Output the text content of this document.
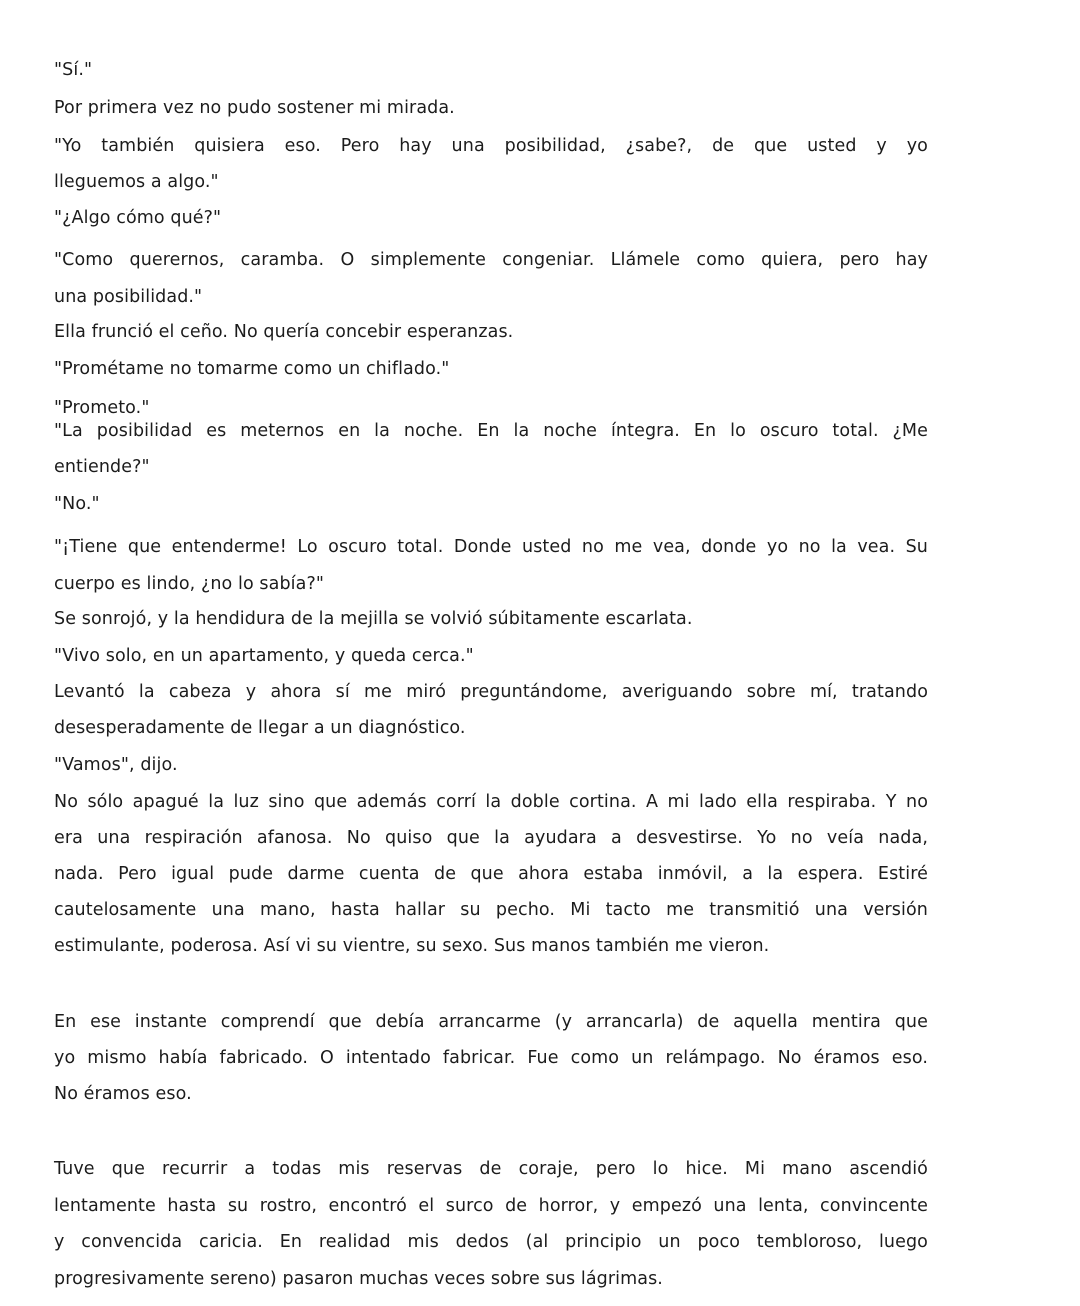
"Sí."
Por primera vez no pudo sostener mi mirada.
"Yo también quisiera eso. Pero hay una posibilidad, ¿sabe?, de que usted y yo
lleguemos a algo."
"¿Algo cómo qué?"
"Como querernos, caramba. O simplemente congeniar. Llámele como quiera, pero hay
una posibilidad."
Ella frunció el ceño. No quería concebir esperanzas.
"Prométame no tomarme como un chiflado."
"Prometo."
"La posibilidad es meternos en la noche. En la noche íntegra. En lo oscuro total. ¿Me
entiende?"
"No."
"¡Tiene que entenderme! Lo oscuro total. Donde usted no me vea, donde yo no la vea. Su
cuerpo es lindo, ¿no lo sabía?"
Se sonrojó, y la hendidura de la mejilla se volvió súbitamente escarlata.
"Vivo solo, en un apartamento, y queda cerca."
Levantó la cabeza y ahora sí me miró preguntándome, averiguando sobre mí, tratando
desesperadamente de llegar a un diagnóstico.
"Vamos", dijo.
No sólo apagué la luz sino que además corrí la doble cortina. A mi lado ella respiraba. Y no
era una respiración afanosa. No quiso que la ayudara a desvestirse. Yo no veía nada,
nada. Pero igual pude darme cuenta de que ahora estaba inmóvil, a la espera. Estiré
cautelosamente una mano, hasta hallar su pecho. Mi tacto me transmitió una versión
estimulante, poderosa. Así vi su vientre, su sexo. Sus manos también me vieron.
En ese instante comprendí que debía arrancarme (y arrancarla) de aquella mentira que
yo mismo había fabricado. O intentado fabricar. Fue como un relámpago. No éramos eso.
No éramos eso.
Tuve que recurrir a todas mis reservas de coraje, pero lo hice. Mi mano ascendió
lentamente hasta su rostro, encontró el surco de horror, y empezó una lenta, convincente
y convencida caricia. En realidad mis dedos (al principio un poco tembloroso, luego
progresivamente sereno) pasaron muchas veces sobre sus lágrimas.
